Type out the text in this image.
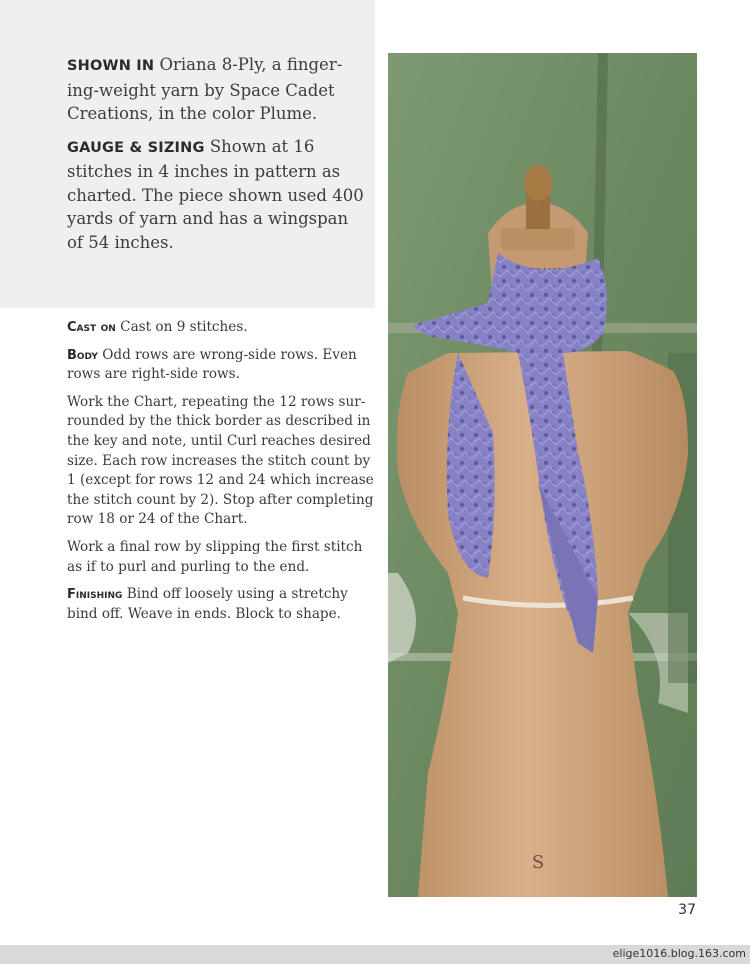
SHOWN IN Oriana 8-Ply, a finger-ing-weight yarn by Space Cadet Creations, in the color Plume.

GAUGE & SIZING Shown at 16 stitches in 4 inches in pattern as charted. The piece shown used 400 yards of yarn and has a wingspan of 54 inches.

Cast on Cast on 9 stitches.

Body Odd rows are wrong-side rows. Even rows are right-side rows.

Work the Chart, repeating the 12 rows sur-rounded by the thick border as described in the key and note, until Curl reaches desired size. Each row increases the stitch count by 1 (except for rows 12 and 24 which increase the stitch count by 2). Stop after completing row 18 or 24 of the Chart.

Work a final row by slipping the first stitch as if to purl and purling to the end.

Finishing Bind off loosely using a stretchy bind off. Weave in ends. Block to shape.

S
37
elige1016.blog.163.com
